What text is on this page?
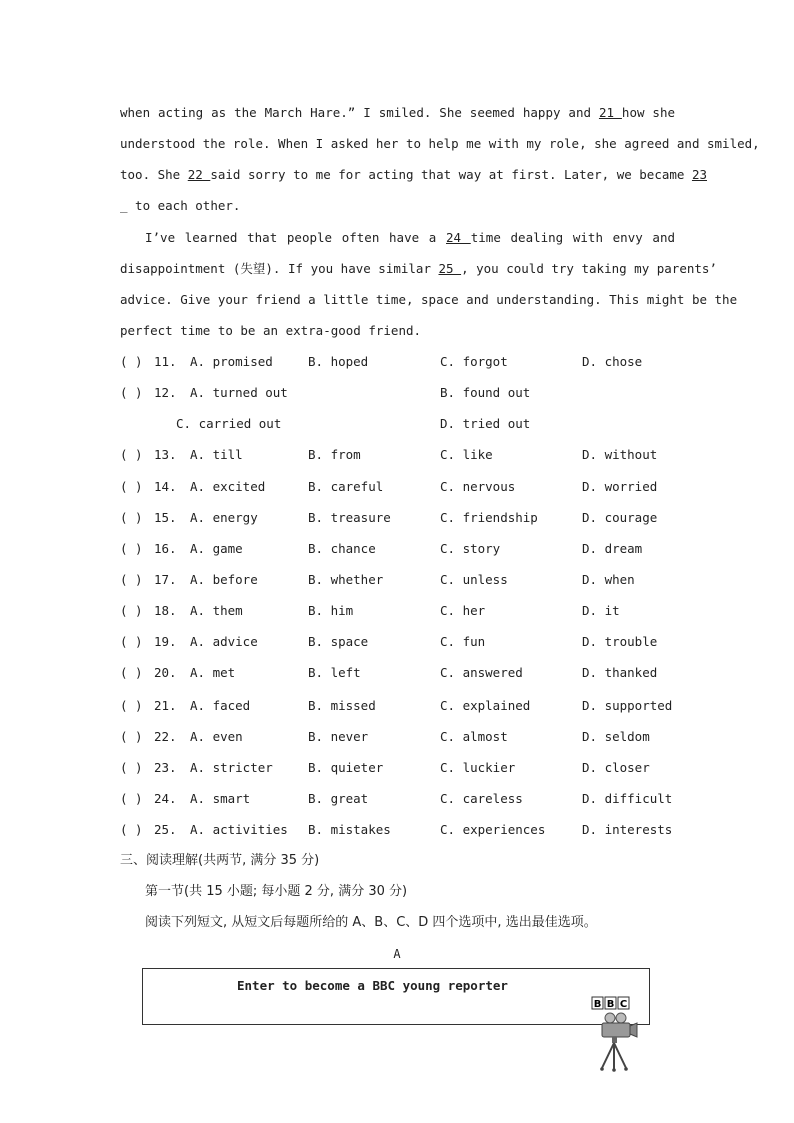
when acting as the March Hare.” I smiled. She seemed happy and 21 how she
understood the role. When I asked her to help me with my role, she agreed and smiled,
too. She 22 said sorry to me for acting that way at first. Later, we became 23
_ to each other.
I’ve learned that people often have a 24 time dealing with envy and
disappointment (失望). If you have similar 25 , you could try taking my parents’
advice. Give your friend a little time, space and understanding. This might be the
perfect time to be an extra-good friend.
( ) 11. A. promised	B. hoped	C. forgot	D. chose
( ) 12. A. turned out	B. found out
C. carried out	D. tried out
( ) 13. A. till	B. from	C. like	D. without
( ) 14. A. excited	B. careful	C. nervous	D. worried
( ) 15. A. energy	B. treasure	C. friendship	D. courage
( ) 16. A. game	B. chance	C. story	D. dream
( ) 17. A. before	B. whether	C. unless	D. when
( ) 18. A. them	B. him	C. her	D. it
( ) 19. A. advice	B. space	C. fun	D. trouble
( ) 20. A. met	B. left	C. answered	D. thanked
( ) 21. A. faced	B. missed	C. explained	D. supported
( ) 22. A. even	B. never	C. almost	D. seldom
( ) 23. A. stricter	B. quieter	C. luckier	D. closer
( ) 24. A. smart	B. great	C. careless	D. difficult
( ) 25. A. activities B. mistakes	C. experiences	D. interests
三、阅读理解(共两节, 满分 35 分)
第一节(共 15 小题; 每小题 2 分, 满分 30 分)
阅读下列短文, 从短文后每题所给的 A、B、C、D 四个选项中, 选出最佳选项。
A
Enter to become a BBC young reporter
B B C
